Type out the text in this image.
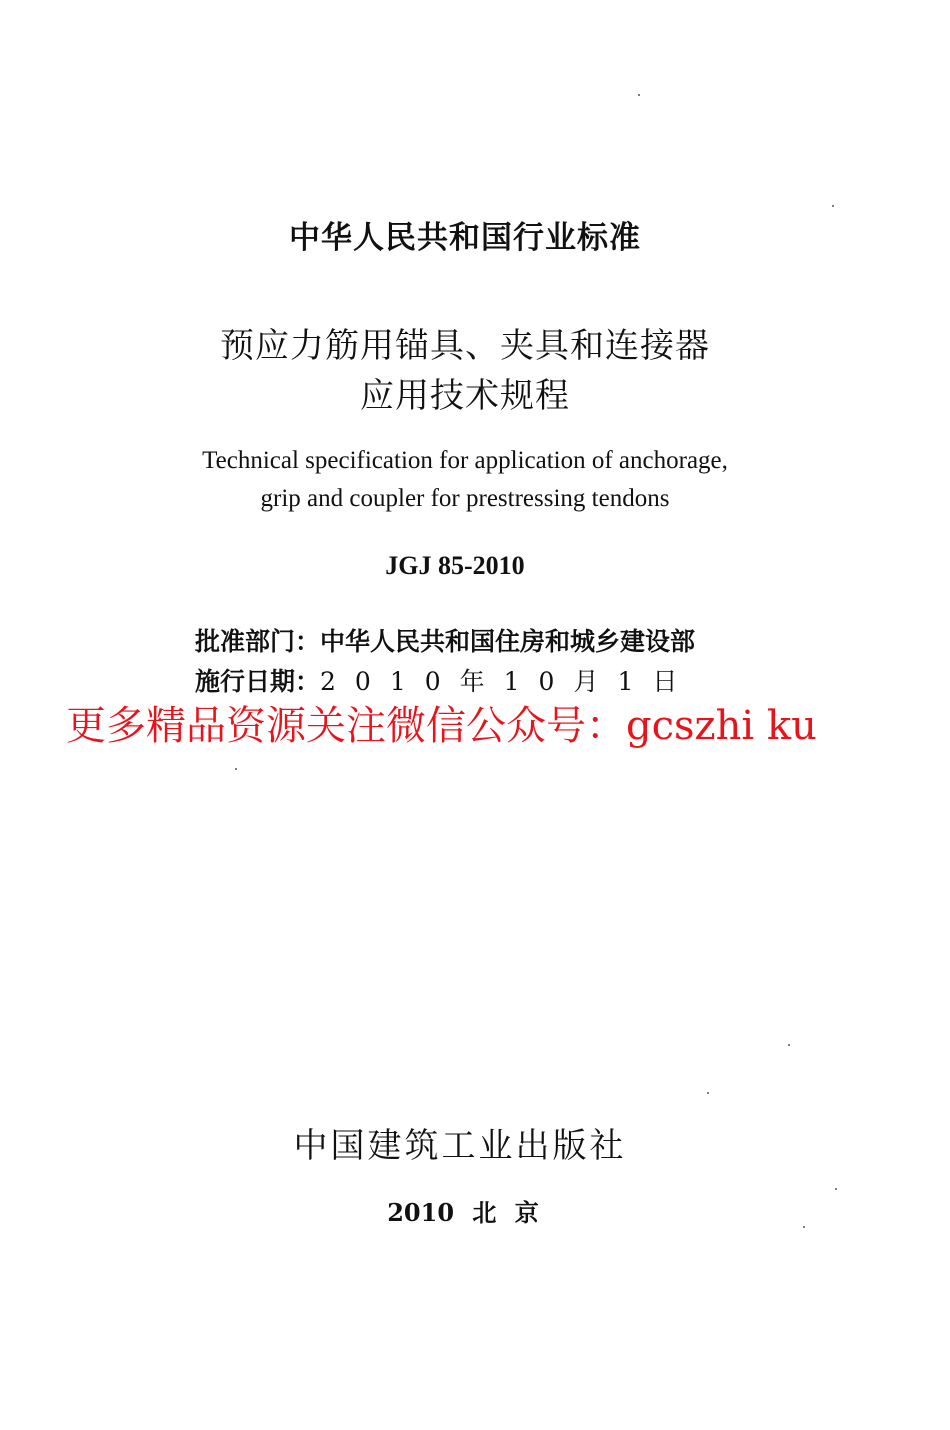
中华人民共和国行业标准
预应力筋用锚具、夹具和连接器
应用技术规程
Technical specification for application of anchorage,
grip and coupler for prestressing tendons
JGJ 85-2010
批准部门：中华人民共和国住房和城乡建设部
施行日期：2010年10月1日
更多精品资源关注微信公众号：gcszhi ku
中国建筑工业出版社
2010 北 京
